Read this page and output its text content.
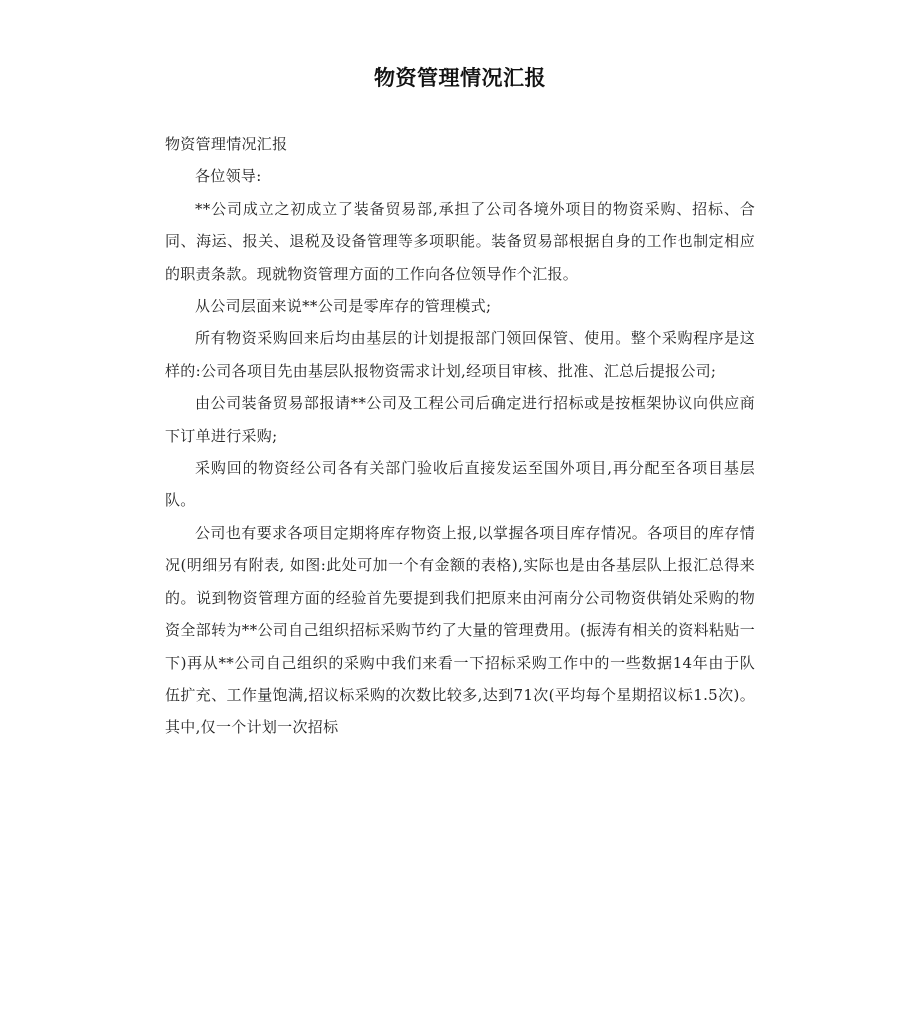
物资管理情况汇报

物资管理情况汇报

各位领导:

**公司成立之初成立了装备贸易部,承担了公司各境外项目的物资采购、招标、合同、海运、报关、退税及设备管理等多项职能。装备贸易部根据自身的工作也制定相应的职责条款。现就物资管理方面的工作向各位领导作个汇报。

从公司层面来说**公司是零库存的管理模式;

所有物资采购回来后均由基层的计划提报部门领回保管、使用。整个采购程序是这样的:公司各项目先由基层队报物资需求计划,经项目审核、批准、汇总后提报公司;

由公司装备贸易部报请**公司及工程公司后确定进行招标或是按框架协议向供应商下订单进行采购;

采购回的物资经公司各有关部门验收后直接发运至国外项目,再分配至各项目基层队。

公司也有要求各项目定期将库存物资上报,以掌握各项目库存情况。各项目的库存情况(明细另有附表, 如图:此处可加一个有金额的表格),实际也是由各基层队上报汇总得来的。说到物资管理方面的经验首先要提到我们把原来由河南分公司物资供销处采购的物资全部转为**公司自己组织招标采购节约了大量的管理费用。(振涛有相关的资料粘贴一下)再从**公司自己组织的采购中我们来看一下招标采购工作中的一些数据14年由于队伍扩充、工作量饱满,招议标采购的次数比较多,达到71次(平均每个星期招议标1.5次)。其中,仅一个计划一次招标
